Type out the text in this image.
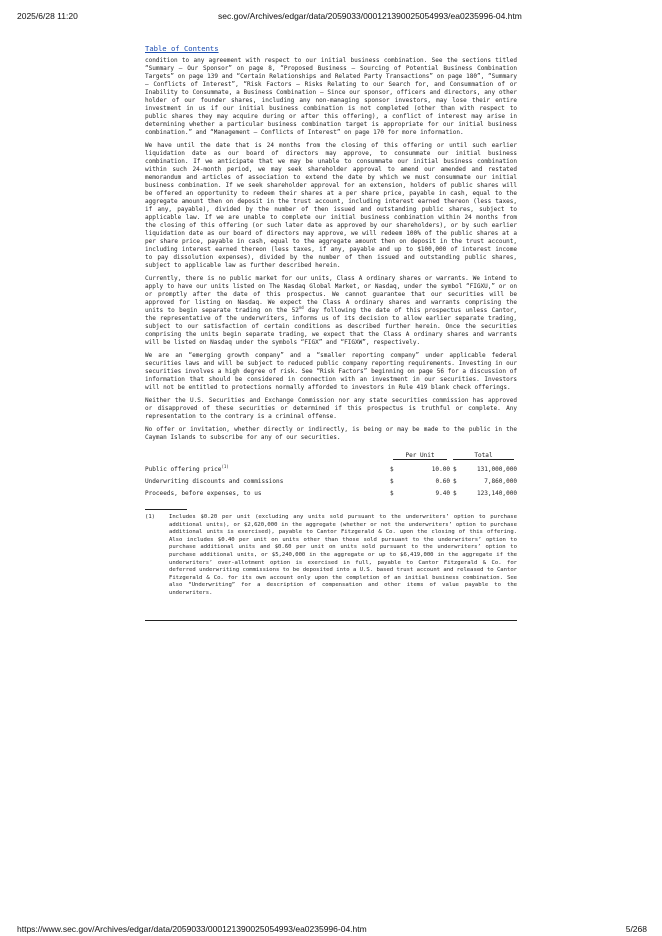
2025/6/28 11:20	sec.gov/Archives/edgar/data/2059033/000121390025054993/ea0235996-04.htm
Table of Contents

condition to any agreement with respect to our initial business combination. See the sections titled “Summary — Our Sponsor” on page 8, “Proposed Business — Sourcing of Potential Business Combination Targets” on page 139 and “Certain Relationships and Related Party Transactions” on page 180”, “Summary — Conflicts of Interest”, “Risk Factors — Risks Relating to our Search for, and Consummation of or Inability to Consummate, a Business Combination — Since our sponsor, officers and directors, any other holder of our founder shares, including any non-managing sponsor investors, may lose their entire investment in us if our initial business combination is not completed (other than with respect to public shares they may acquire during or after this offering), a conflict of interest may arise in determining whether a particular business combination target is appropriate for our initial business combination.” and “Management — Conflicts of Interest” on page 170 for more information.

We have until the date that is 24 months from the closing of this offering or until such earlier liquidation date as our board of directors may approve, to consummate our initial business combination. If we anticipate that we may be unable to consummate our initial business combination within such 24-month period, we may seek shareholder approval to amend our amended and restated memorandum and articles of association to extend the date by which we must consummate our initial business combination. If we seek shareholder approval for an extension, holders of public shares will be offered an opportunity to redeem their shares at a per share price, payable in cash, equal to the aggregate amount then on deposit in the trust account, including interest earned thereon (less taxes, if any, payable), divided by the number of then issued and outstanding public shares, subject to applicable law. If we are unable to complete our initial business combination within 24 months from the closing of this offering (or such later date as approved by our shareholders), or by such earlier liquidation date as our board of directors may approve, we will redeem 100% of the public shares at a per share price, payable in cash, equal to the aggregate amount then on deposit in the trust account, including interest earned thereon (less taxes, if any, payable and up to $100,000 of interest income to pay dissolution expenses), divided by the number of then issued and outstanding public shares, subject to applicable law as further described herein.

Currently, there is no public market for our units, Class A ordinary shares or warrants. We intend to apply to have our units listed on The Nasdaq Global Market, or Nasdaq, under the symbol “FIGXU,” or on or promptly after the date of this prospectus. We cannot guarantee that our securities will be approved for listing on Nasdaq. We expect the Class A ordinary shares and warrants comprising the units to begin separate trading on the 52nd day following the date of this prospectus unless Cantor, the representative of the underwriters, informs us of its decision to allow earlier separate trading, subject to our satisfaction of certain conditions as described further herein. Once the securities comprising the units begin separate trading, we expect that the Class A ordinary shares and warrants will be listed on Nasdaq under the symbols “FIGX” and “FIGXW”, respectively.

We are an “emerging growth company” and a “smaller reporting company” under applicable federal securities laws and will be subject to reduced public company reporting requirements. Investing in our securities involves a high degree of risk. See “Risk Factors” beginning on page 56 for a discussion of information that should be considered in connection with an investment in our securities. Investors will not be entitled to protections normally afforded to investors in Rule 419 blank check offerings.

Neither the U.S. Securities and Exchange Commission nor any state securities commission has approved or disapproved of these securities or determined if this prospectus is truthful or complete. Any representation to the contrary is a criminal offense.

No offer or invitation, whether directly or indirectly, is being or may be made to the public in the Cayman Islands to subscribe for any of our securities.

	Per Unit		Total	

Public offering price$^{(1)}$	$	10.00	$	131,000,000
Underwriting discounts and commissions	$	0.60	$	7,860,000
Proceeds, before expenses, to us	$	9.40	$	123,140,000
(1)	Includes $0.20 per unit (excluding any units sold pursuant to the underwriters’ option to purchase additional units), or $2,620,000 in the aggregate (whether or not the underwriters’ option to purchase additional units is exercised), payable to Cantor Fitzgerald & Co. upon the closing of this offering. Also includes $0.40 per unit on units other than those sold pursuant to the underwriters’ option to purchase additional units and $0.60 per unit on units sold pursuant to the underwriters’ option to purchase additional units, or $5,240,000 in the aggregate or up to $6,419,000 in the aggregate if the underwriters’ over-allotment option is exercised in full, payable to Cantor Fitzgerald & Co. for deferred underwriting commissions to be deposited into a U.S. based trust account and released to Cantor Fitzgerald & Co. for its own account only upon the completion of an initial business combination. See also “Underwriting” for a description of compensation and other items of value payable to the underwriters.
https://www.sec.gov/Archives/edgar/data/2059033/000121390025054993/ea0235996-04.htm	5/268
